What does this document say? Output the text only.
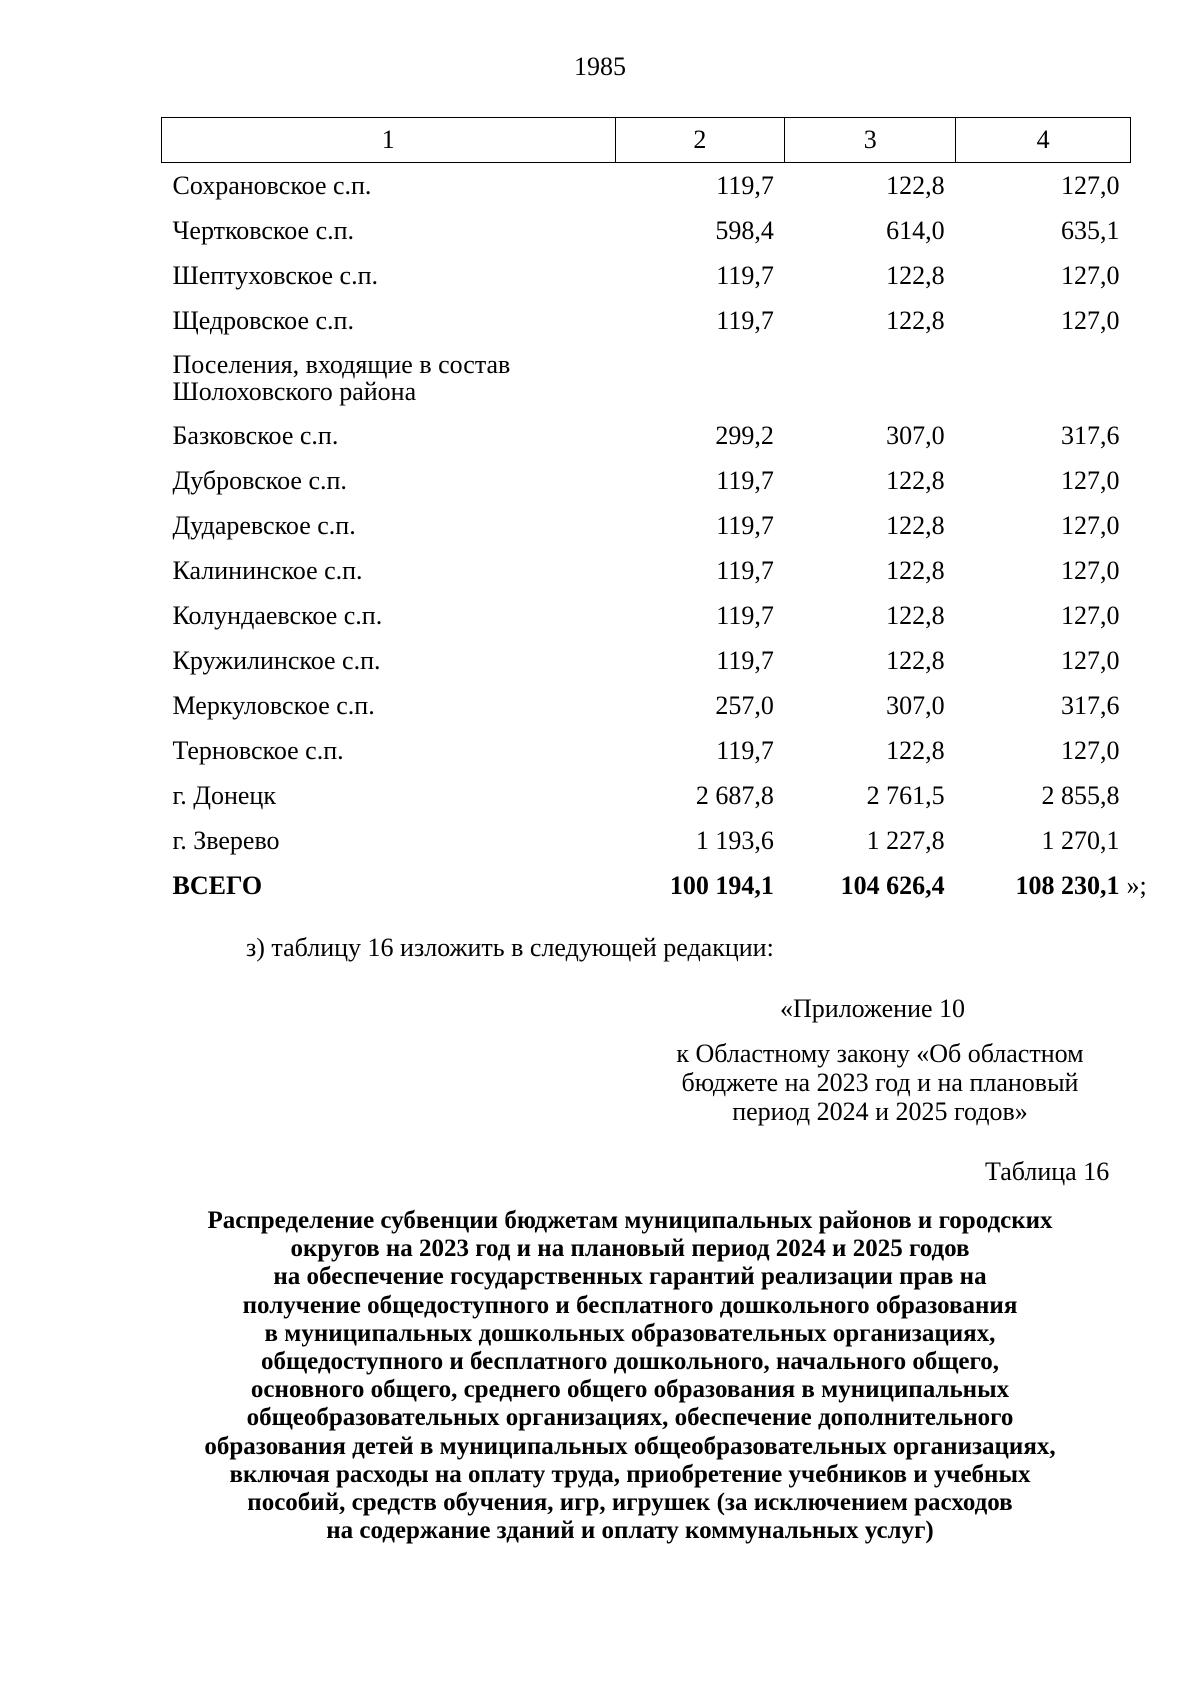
1985
1	2	3	4
Сохрановское с.п.	119,7	122,8	127,0
Чертковское с.п.	598,4	614,0	635,1
Шептуховское с.п.	119,7	122,8	127,0
Щедровское с.п.	119,7	122,8	127,0
Поселения, входящие в состав
Шолоховского района			
Базковское с.п.	299,2	307,0	317,6
Дубровское с.п.	119,7	122,8	127,0
Дударевское с.п.	119,7	122,8	127,0
Калининское с.п.	119,7	122,8	127,0
Колундаевское с.п.	119,7	122,8	127,0
Кружилинское с.п.	119,7	122,8	127,0
Меркуловское с.п.	257,0	307,0	317,6
Терновское с.п.	119,7	122,8	127,0
г. Донецк	2 687,8	2 761,5	2 855,8
г. Зверево	1 193,6	1 227,8	1 270,1
ВСЕГО	100 194,1	104 626,4	108 230,1 »;
з) таблицу 16 изложить в следующей редакции:
«Приложение 10
к Областному закону «Об областном
бюджете на 2023 год и на плановый
период 2024 и 2025 годов»
Таблица 16
Распределение субвенции бюджетам муниципальных районов и городских
округов на 2023 год и на плановый период 2024 и 2025 годов
на обеспечение государственных гарантий реализации прав на
получение общедоступного и бесплатного дошкольного образования
в муниципальных дошкольных образовательных организациях,
общедоступного и бесплатного дошкольного, начального общего,
основного общего, среднего общего образования в муниципальных
общеобразовательных организациях, обеспечение дополнительного
образования детей в муниципальных общеобразовательных организациях,
включая расходы на оплату труда, приобретение учебников и учебных
пособий, средств обучения, игр, игрушек (за исключением расходов
на содержание зданий и оплату коммунальных услуг)
